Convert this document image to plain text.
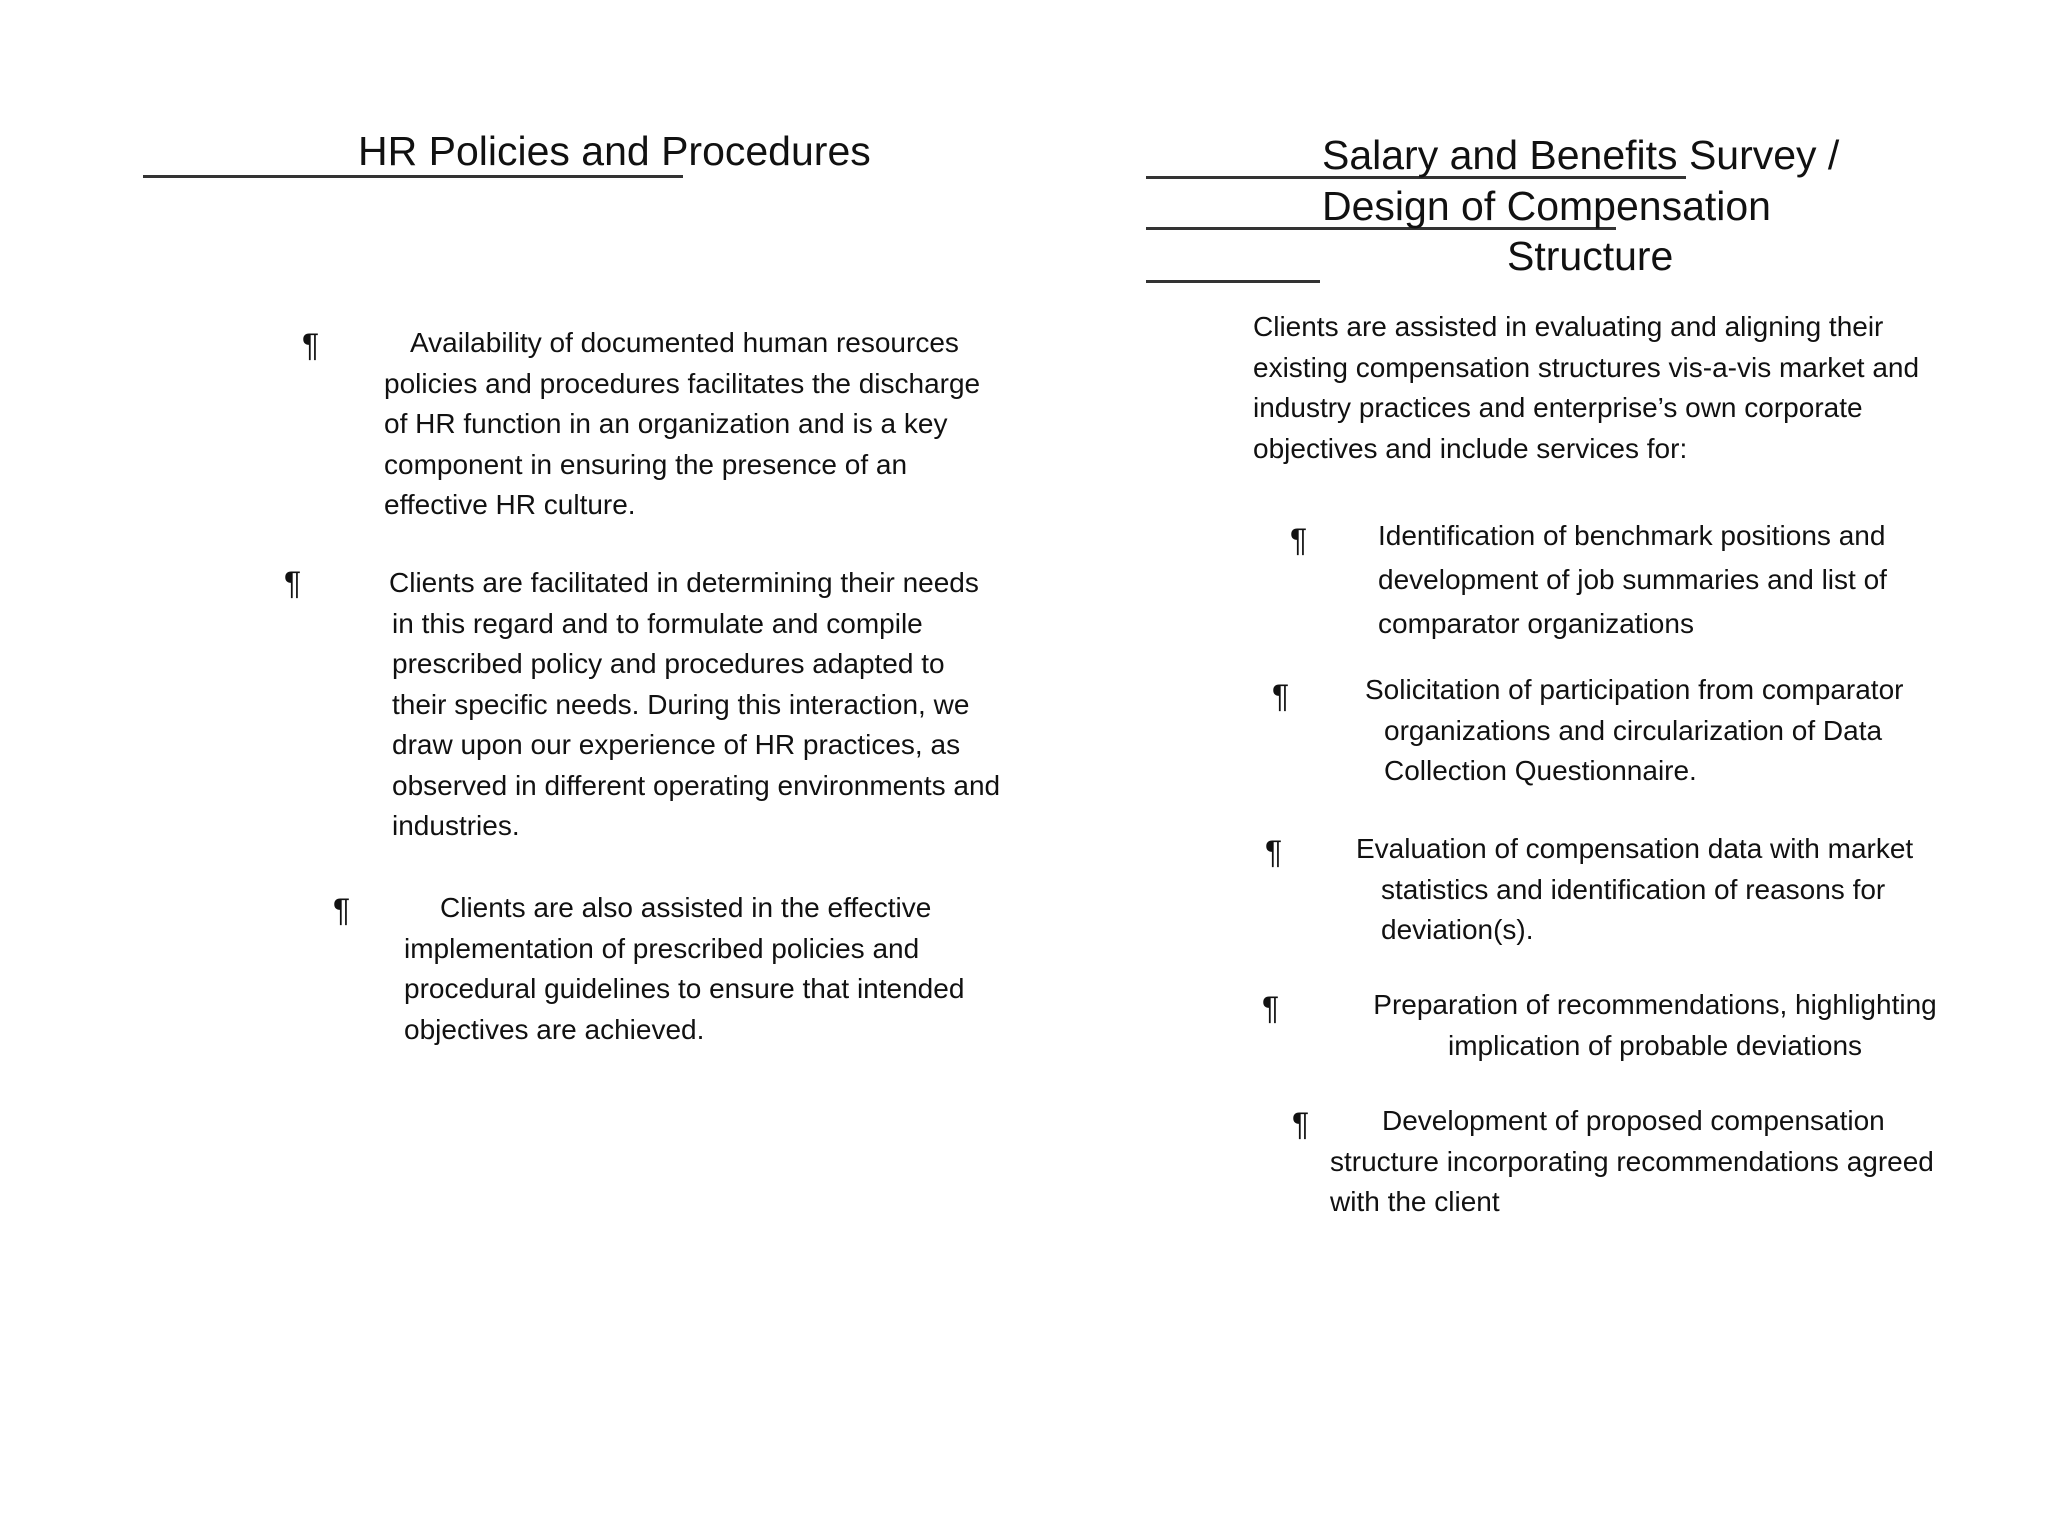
HR Policies and Procedures
¶	Availability of documented human resources policies and procedures facilitates the discharge of HR function in an organization and is a key component in ensuring the presence of an effective HR culture.
¶	Clients are facilitated in determining their needs in this regard and to formulate and compile prescribed policy and procedures adapted to their specific needs. During this interaction, we draw upon our experience of HR practices, as observed in different operating environments and industries.
¶	Clients are also assisted in the effective implementation of prescribed policies and procedural guidelines to ensure that intended objectives are achieved.
Salary and Benefits Survey /
Design of Compensation
Structure
Clients are assisted in evaluating and aligning their existing compensation structures vis-a-vis market and industry practices and enterprise’s own corporate objectives and include services for:
¶	Identification of benchmark positions and development of job summaries and list of comparator organizations
¶	Solicitation of participation from comparator organizations and circularization of Data Collection Questionnaire.
¶	Evaluation of compensation data with market statistics and identification of reasons for deviation(s).
¶	Preparation of recommendations, highlighting implication of probable deviations
¶	Development of proposed compensation structure incorporating recommendations agreed with the client
